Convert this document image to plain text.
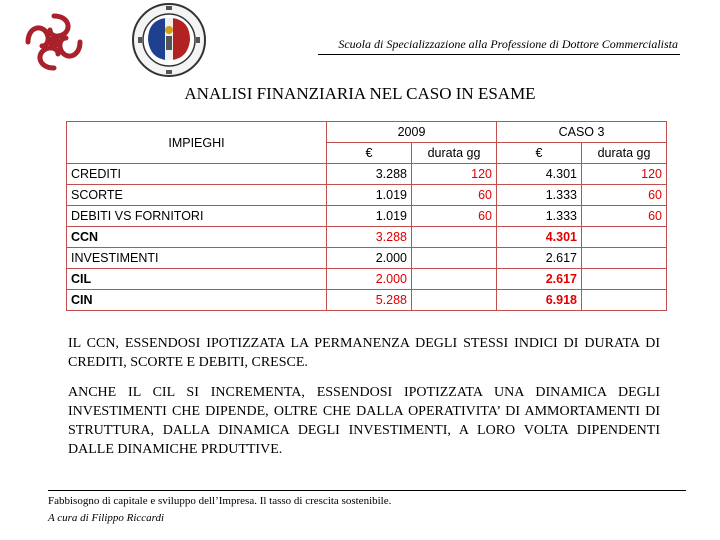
Scuola di Specializzazione alla Professione di Dottore Commercialista
ANALISI FINANZIARIA NEL CASO IN ESAME
IMPIEGHI	2009		CASO 3	
	€	durata gg	€	durata gg
CREDITI	3.288	120	4.301	120
SCORTE	1.019	60	1.333	60
DEBITI VS FORNITORI	1.019	60	1.333	60
CCN	3.288		4.301	
INVESTIMENTI	2.000		2.617	
CIL	2.000		2.617	
CIN	5.288		6.918	
IL CCN, ESSENDOSI IPOTIZZATA LA PERMANENZA DEGLI STESSI INDICI DI DURATA DI CREDITI, SCORTE E DEBITI, CRESCE.
ANCHE IL CIL SI INCREMENTA, ESSENDOSI IPOTIZZATA UNA DINAMICA DEGLI INVESTIMENTI CHE DIPENDE, OLTRE CHE DALLA OPERATIVITA’ DI AMMORTAMENTI DI STRUTTURA, DALLA DINAMICA DEGLI INVESTIMENTI, A LORO VOLTA DIPENDENTI DALLE DINAMICHE PRDUTTIVE.
Fabbisogno di capitale e sviluppo dell’Impresa. Il tasso di crescita sostenibile.
A cura di Filippo Riccardi
